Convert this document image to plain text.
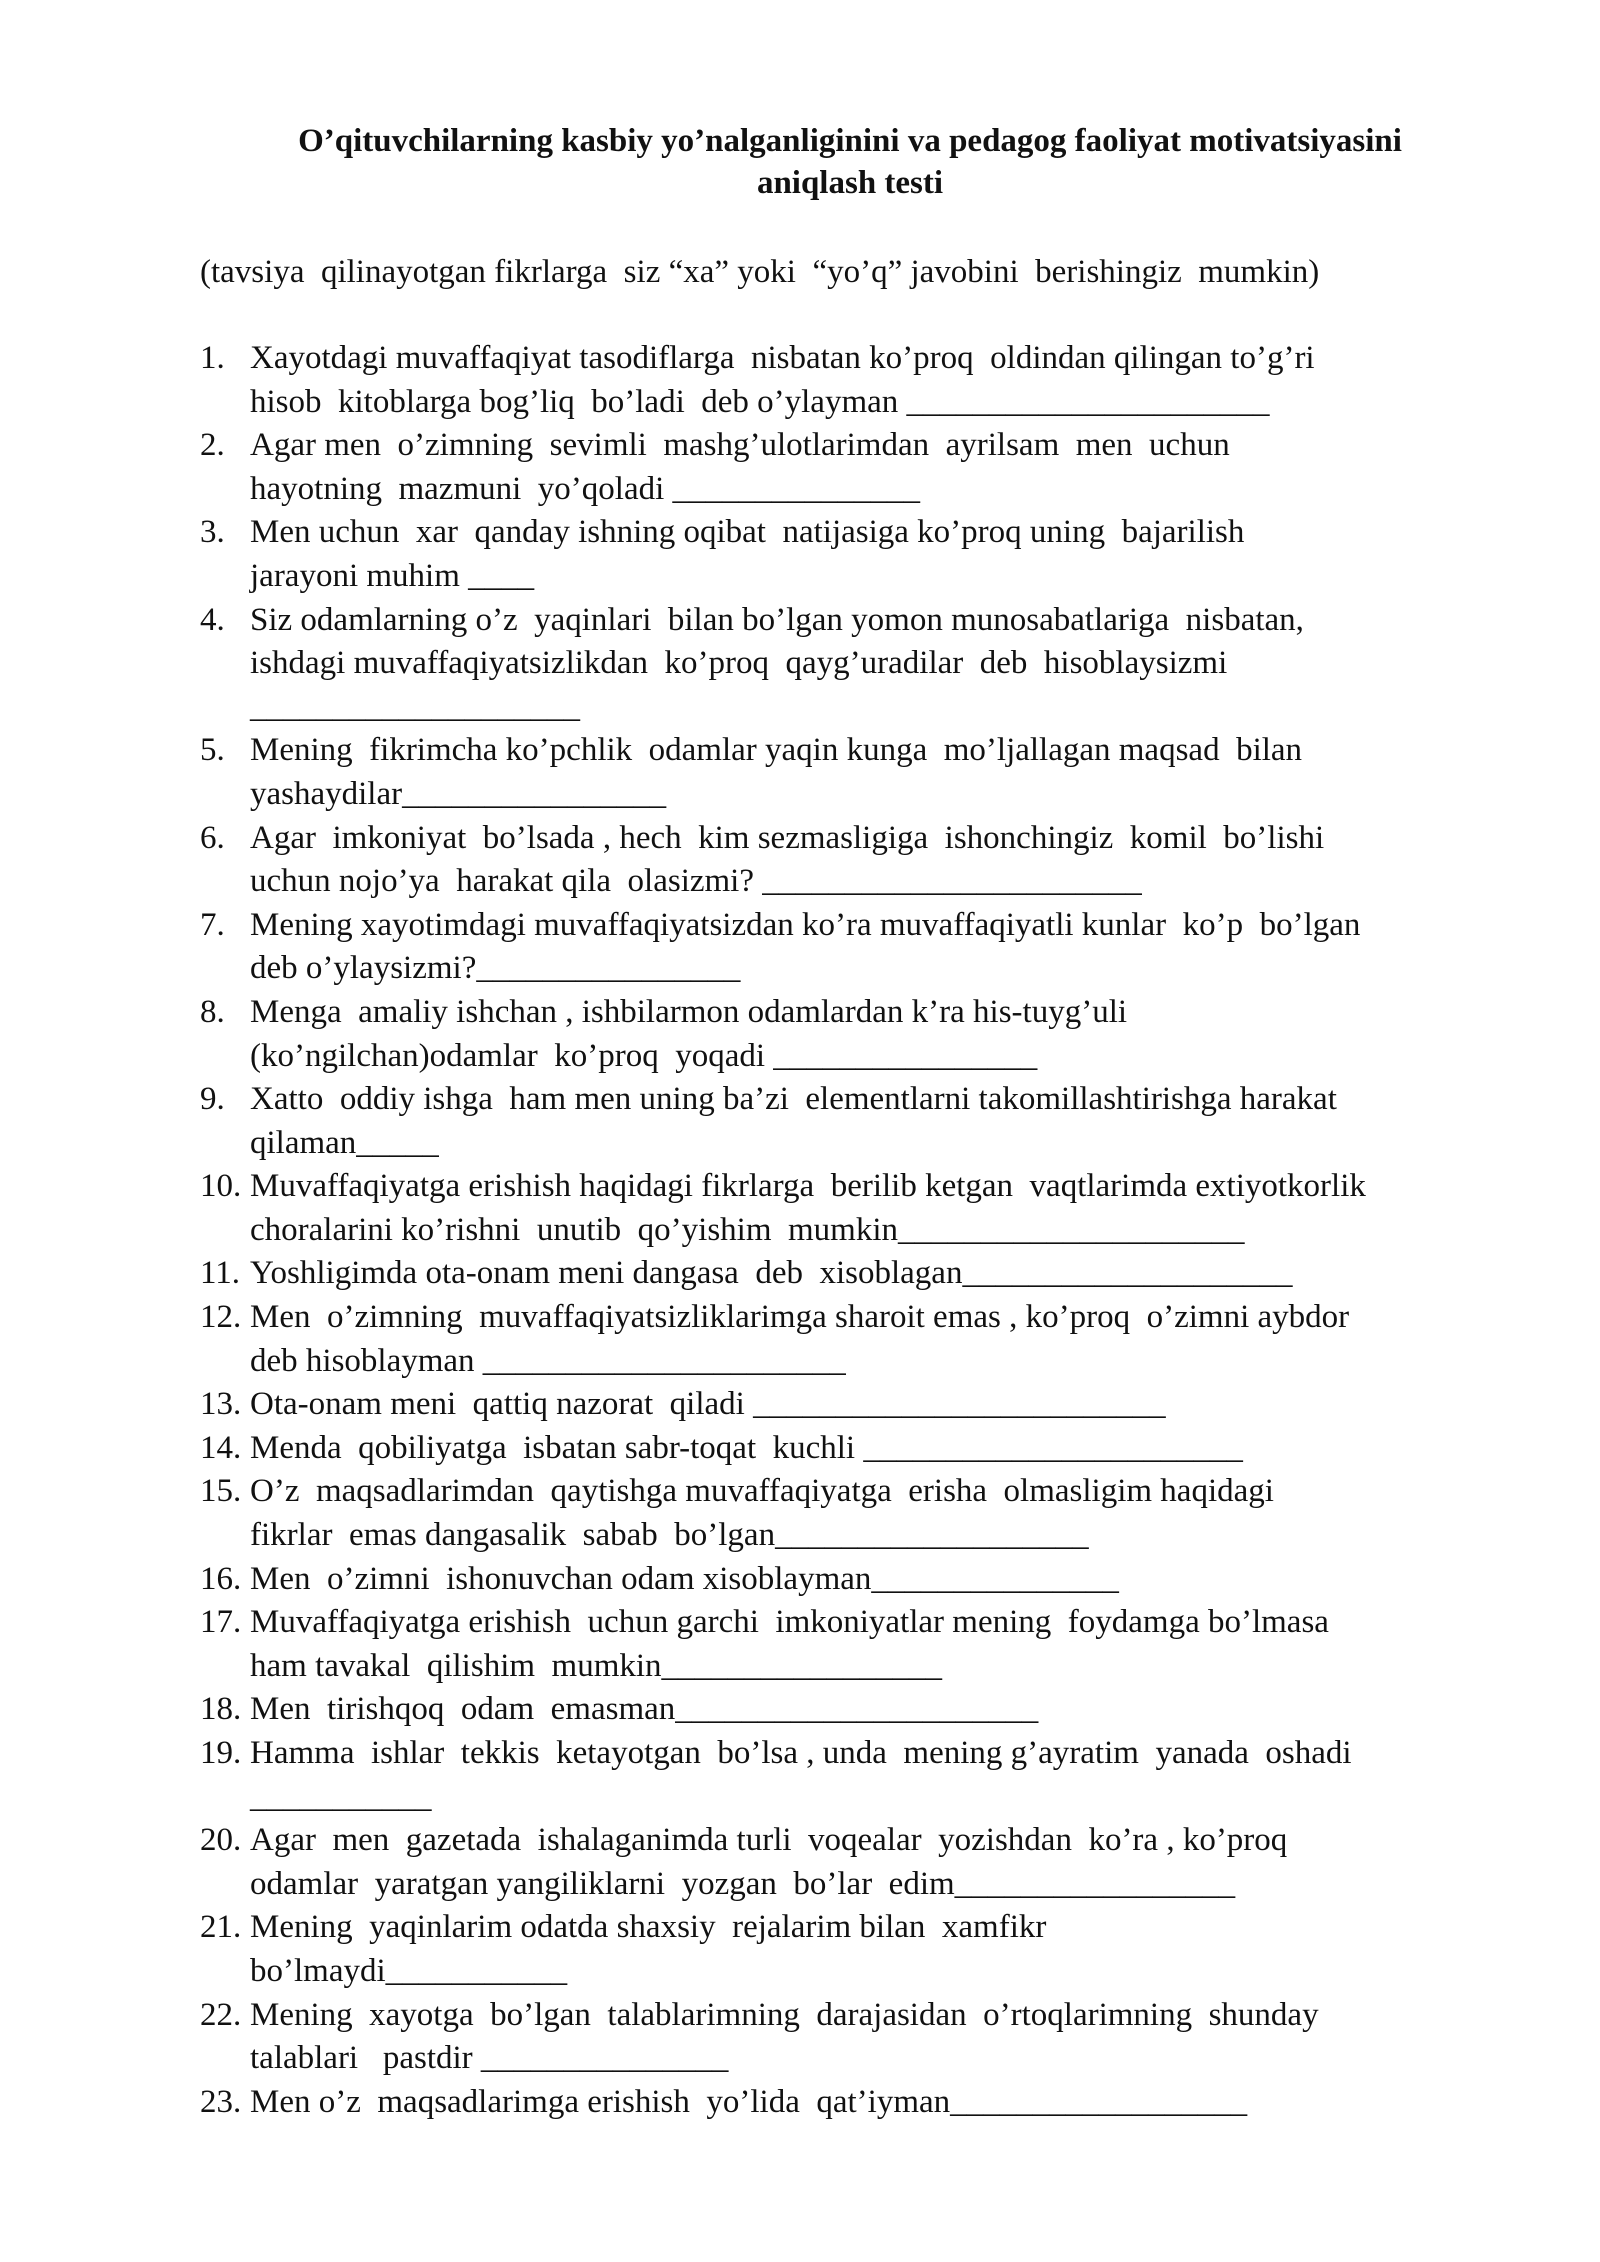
O’qituvchilarning kasbiy yo’nalganliginini va pedagog faoliyat motivatsiyasini
aniqlash testi
(tavsiya  qilinayotgan fikrlarga  siz “xa” yoki  “yo’q” javobini  berishingiz  mumkin)
1. Xayotdagi muvaffaqiyat tasodiflarga  nisbatan ko’proq  oldindan qilingan to’g’ri
hisob  kitoblarga bog’liq  bo’ladi  deb o’ylayman ______________________
2. Agar men  o’zimning  sevimli  mashg’ulotlarimdan  ayrilsam  men  uchun
hayotning  mazmuni  yo’qoladi _______________
3. Men uchun  xar  qanday ishning oqibat  natijasiga ko’proq uning  bajarilish
jarayoni muhim ____
4. Siz odamlarning o’z  yaqinlari  bilan bo’lgan yomon munosabatlariga  nisbatan,
ishdagi muvaffaqiyatsizlikdan  ko’proq  qayg’uradilar  deb  hisoblaysizmi
____________________
5. Mening  fikrimcha ko’pchlik  odamlar yaqin kunga  mo’ljallagan maqsad  bilan
yashaydilar________________
6. Agar  imkoniyat  bo’lsada , hech  kim sezmasligiga  ishonchingiz  komil  bo’lishi
uchun nojo’ya  harakat qila  olasizmi? _______________________
7. Mening xayotimdagi muvaffaqiyatsizdan ko’ra muvaffaqiyatli kunlar  ko’p  bo’lgan
deb o’ylaysizmi?________________
8. Menga  amaliy ishchan , ishbilarmon odamlardan k’ra his-tuyg’uli
(ko’ngilchan)odamlar  ko’proq  yoqadi ________________
9. Xatto  oddiy ishga  ham men uning ba’zi  elementlarni takomillashtirishga harakat
qilaman_____
10. Muvaffaqiyatga erishish haqidagi fikrlarga  berilib ketgan  vaqtlarimda extiyotkorlik
choralarini ko’rishni  unutib  qo’yishim  mumkin_____________________
11. Yoshligimda ota-onam meni dangasa  deb  xisoblagan____________________
12. Men  o’zimning  muvaffaqiyatsizliklarimga sharoit emas , ko’proq  o’zimni aybdor
deb hisoblayman ______________________
13. Ota-onam meni  qattiq nazorat  qiladi _________________________
14. Menda  qobiliyatga  isbatan sabr-toqat  kuchli _______________________
15. O’z  maqsadlarimdan  qaytishga muvaffaqiyatga  erisha  olmasligim haqidagi
fikrlar  emas dangasalik  sabab  bo’lgan___________________
16. Men  o’zimni  ishonuvchan odam xisoblayman_______________
17. Muvaffaqiyatga erishish  uchun garchi  imkoniyatlar mening  foydamga bo’lmasa
ham tavakal  qilishim  mumkin_________________
18. Men  tirishqoq  odam  emasman______________________
19. Hamma  ishlar  tekkis  ketayotgan  bo’lsa , unda  mening g’ayratim  yanada  oshadi
___________
20. Agar  men  gazetada  ishalaganimda turli  voqealar  yozishdan  ko’ra , ko’proq
odamlar  yaratgan yangiliklarni  yozgan  bo’lar  edim_________________
21. Mening  yaqinlarim odatda shaxsiy  rejalarim bilan  xamfikr
bo’lmaydi___________
22. Mening  xayotga  bo’lgan  talablarimning  darajasidan  o’rtoqlarimning  shunday
talablari   pastdir _______________
23. Men o’z  maqsadlarimga erishish  yo’lida  qat’iyman__________________
